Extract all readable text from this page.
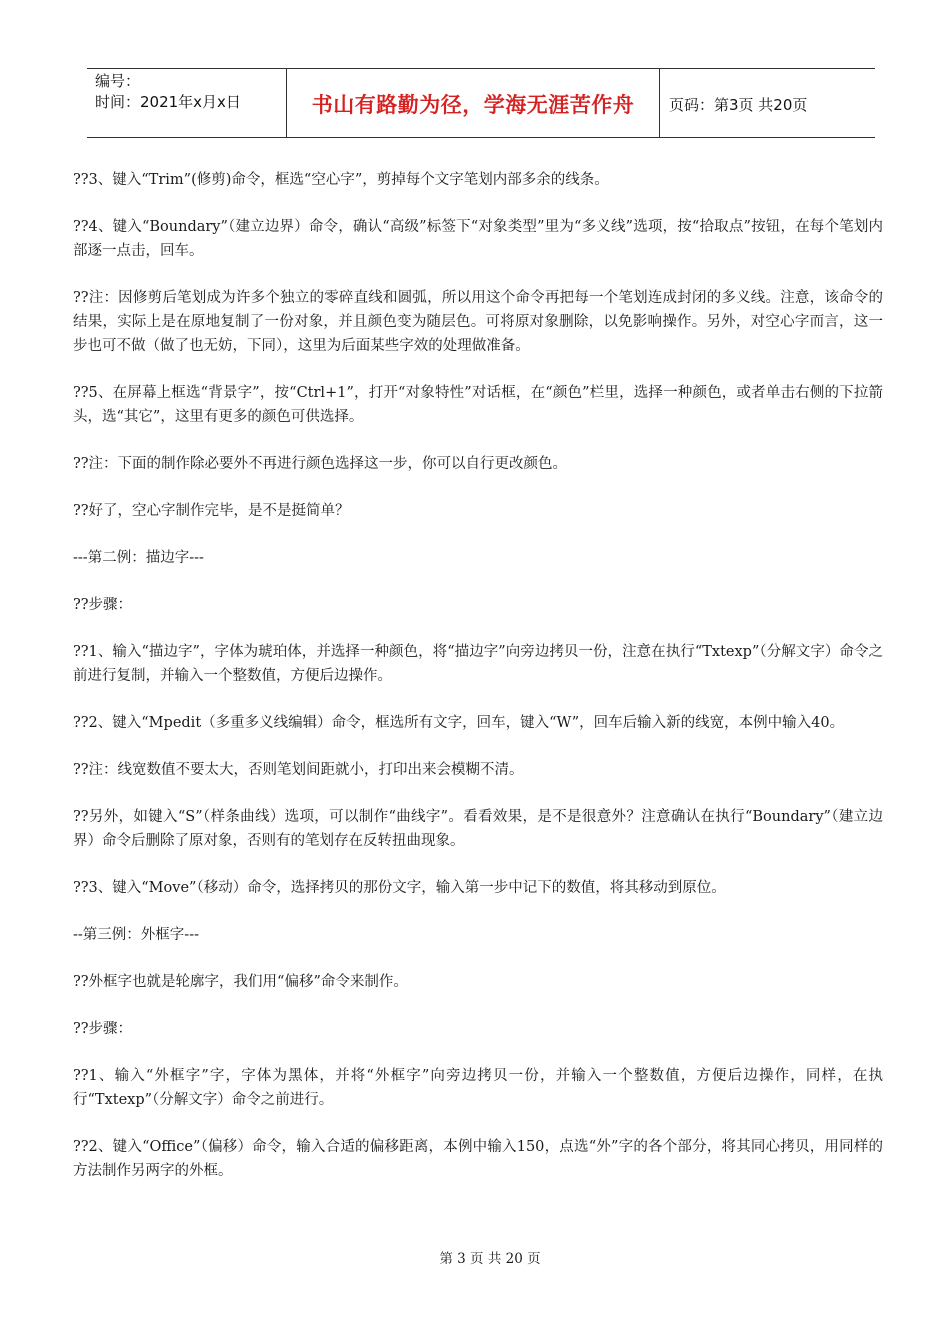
编号：
时间：2021年x月x日	书山有路勤为径，学海无涯苦作舟	页码：第3页 共20页

??3、键入“Trim”(修剪)命令，框选“空心字”，剪掉每个文字笔划内部多余的线条。

??4、键入“Boundary”（建立边界）命令，确认“高级”标签下“对象类型”里为“多义线”选项，按“拾取点”按钮，在每个笔划内部逐一点击，回车。

??注：因修剪后笔划成为许多个独立的零碎直线和圆弧，所以用这个命令再把每一个笔划连成封闭的多义线。注意，该命令的结果，实际上是在原地复制了一份对象，并且颜色变为随层色。可将原对象删除，以免影响操作。另外，对空心字而言，这一步也可不做（做了也无妨，下同），这里为后面某些字效的处理做准备。

??5、在屏幕上框选“背景字”，按“Ctrl+1”，打开“对象特性”对话框，在“颜色”栏里，选择一种颜色，或者单击右侧的下拉箭头，选“其它”，这里有更多的颜色可供选择。

??注：下面的制作除必要外不再进行颜色选择这一步，你可以自行更改颜色。

??好了，空心字制作完毕，是不是挺简单？

---第二例：描边字---

??步骤：

??1、输入“描边字”，字体为琥珀体，并选择一种颜色，将“描边字”向旁边拷贝一份，注意在执行“Txtexp”（分解文字）命令之前进行复制，并输入一个整数值，方便后边操作。

??2、键入“Mpedit（多重多义线编辑）命令，框选所有文字，回车，键入“W”，回车后输入新的线宽，本例中输入40。

??注：线宽数值不要太大，否则笔划间距就小，打印出来会模糊不清。

??另外，如键入“S”（样条曲线）选项，可以制作“曲线字”。看看效果，是不是很意外？注意确认在执行“Boundary”（建立边界）命令后删除了原对象，否则有的笔划存在反转扭曲现象。

??3、键入“Move”（移动）命令，选择拷贝的那份文字，输入第一步中记下的数值，将其移动到原位。

--第三例：外框字---

??外框字也就是轮廓字，我们用“偏移”命令来制作。

??步骤：

??1、输入“外框字”字，字体为黑体，并将“外框字”向旁边拷贝一份，并输入一个整数值，方便后边操作，同样，在执行“Txtexp”（分解文字）命令之前进行。

??2、键入“Office”（偏移）命令，输入合适的偏移距离，本例中输入150，点选“外”字的各个部分，将其同心拷贝，用同样的方法制作另两字的外框。

第 3 页 共 20 页
